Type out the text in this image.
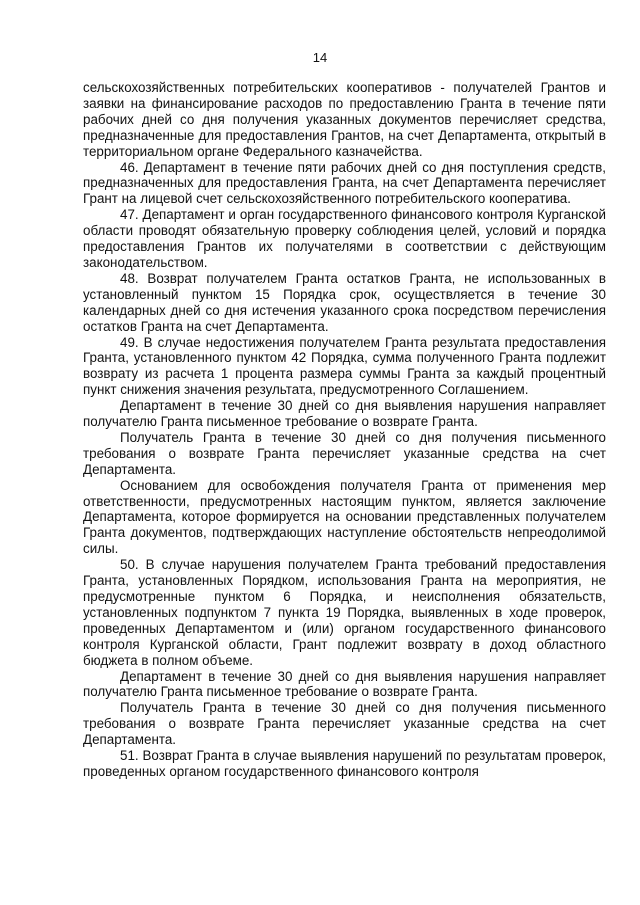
14

сельскохозяйственных потребительских кооперативов - получателей Грантов и заявки на финансирование расходов по предоставлению Гранта в течение пяти рабочих дней со дня получения указанных документов перечисляет средства, предназначенные для предоставления Грантов, на счет Департамента, открытый в территориальном органе Федерального казначейства.

46. Департамент в течение пяти рабочих дней со дня поступления средств, предназначенных для предоставления Гранта, на счет Департамента перечисляет Грант на лицевой счет сельскохозяйственного потребительского кооператива.

47. Департамент и орган государственного финансового контроля Курганской области проводят обязательную проверку соблюдения целей, условий и порядка предоставления Грантов их получателями в соответствии с действующим законодательством.

48. Возврат получателем Гранта остатков Гранта, не использованных в установленный пунктом 15 Порядка срок, осуществляется в течение 30 календарных дней со дня истечения указанного срока посредством перечисления остатков Гранта на счет Департамента.

49. В случае недостижения получателем Гранта результата предоставления Гранта, установленного пунктом 42 Порядка, сумма полученного Гранта подлежит возврату из расчета 1 процента размера суммы Гранта за каждый процентный пункт снижения значения результата, предусмотренного Соглашением.

Департамент в течение 30 дней со дня выявления нарушения направляет получателю Гранта письменное требование о возврате Гранта.

Получатель Гранта в течение 30 дней со дня получения письменного требования о возврате Гранта перечисляет указанные средства на счет Департамента.

Основанием для освобождения получателя Гранта от применения мер ответственности, предусмотренных настоящим пунктом, является заключение Департамента, которое формируется на основании представленных получателем Гранта документов, подтверждающих наступление обстоятельств непреодолимой силы.

50. В случае нарушения получателем Гранта требований предоставления Гранта, установленных Порядком, использования Гранта на мероприятия, не предусмотренные пунктом 6 Порядка, и неисполнения обязательств, установленных подпунктом 7 пункта 19 Порядка, выявленных в ходе проверок, проведенных Департаментом и (или) органом государственного финансового контроля Курганской области, Грант подлежит возврату в доход областного бюджета в полном объеме.

Департамент в течение 30 дней со дня выявления нарушения направляет получателю Гранта письменное требование о возврате Гранта.

Получатель Гранта в течение 30 дней со дня получения письменного требования о возврате Гранта перечисляет указанные средства на счет Департамента.

51. Возврат Гранта в случае выявления нарушений по результатам проверок, проведенных органом государственного финансового контроля
